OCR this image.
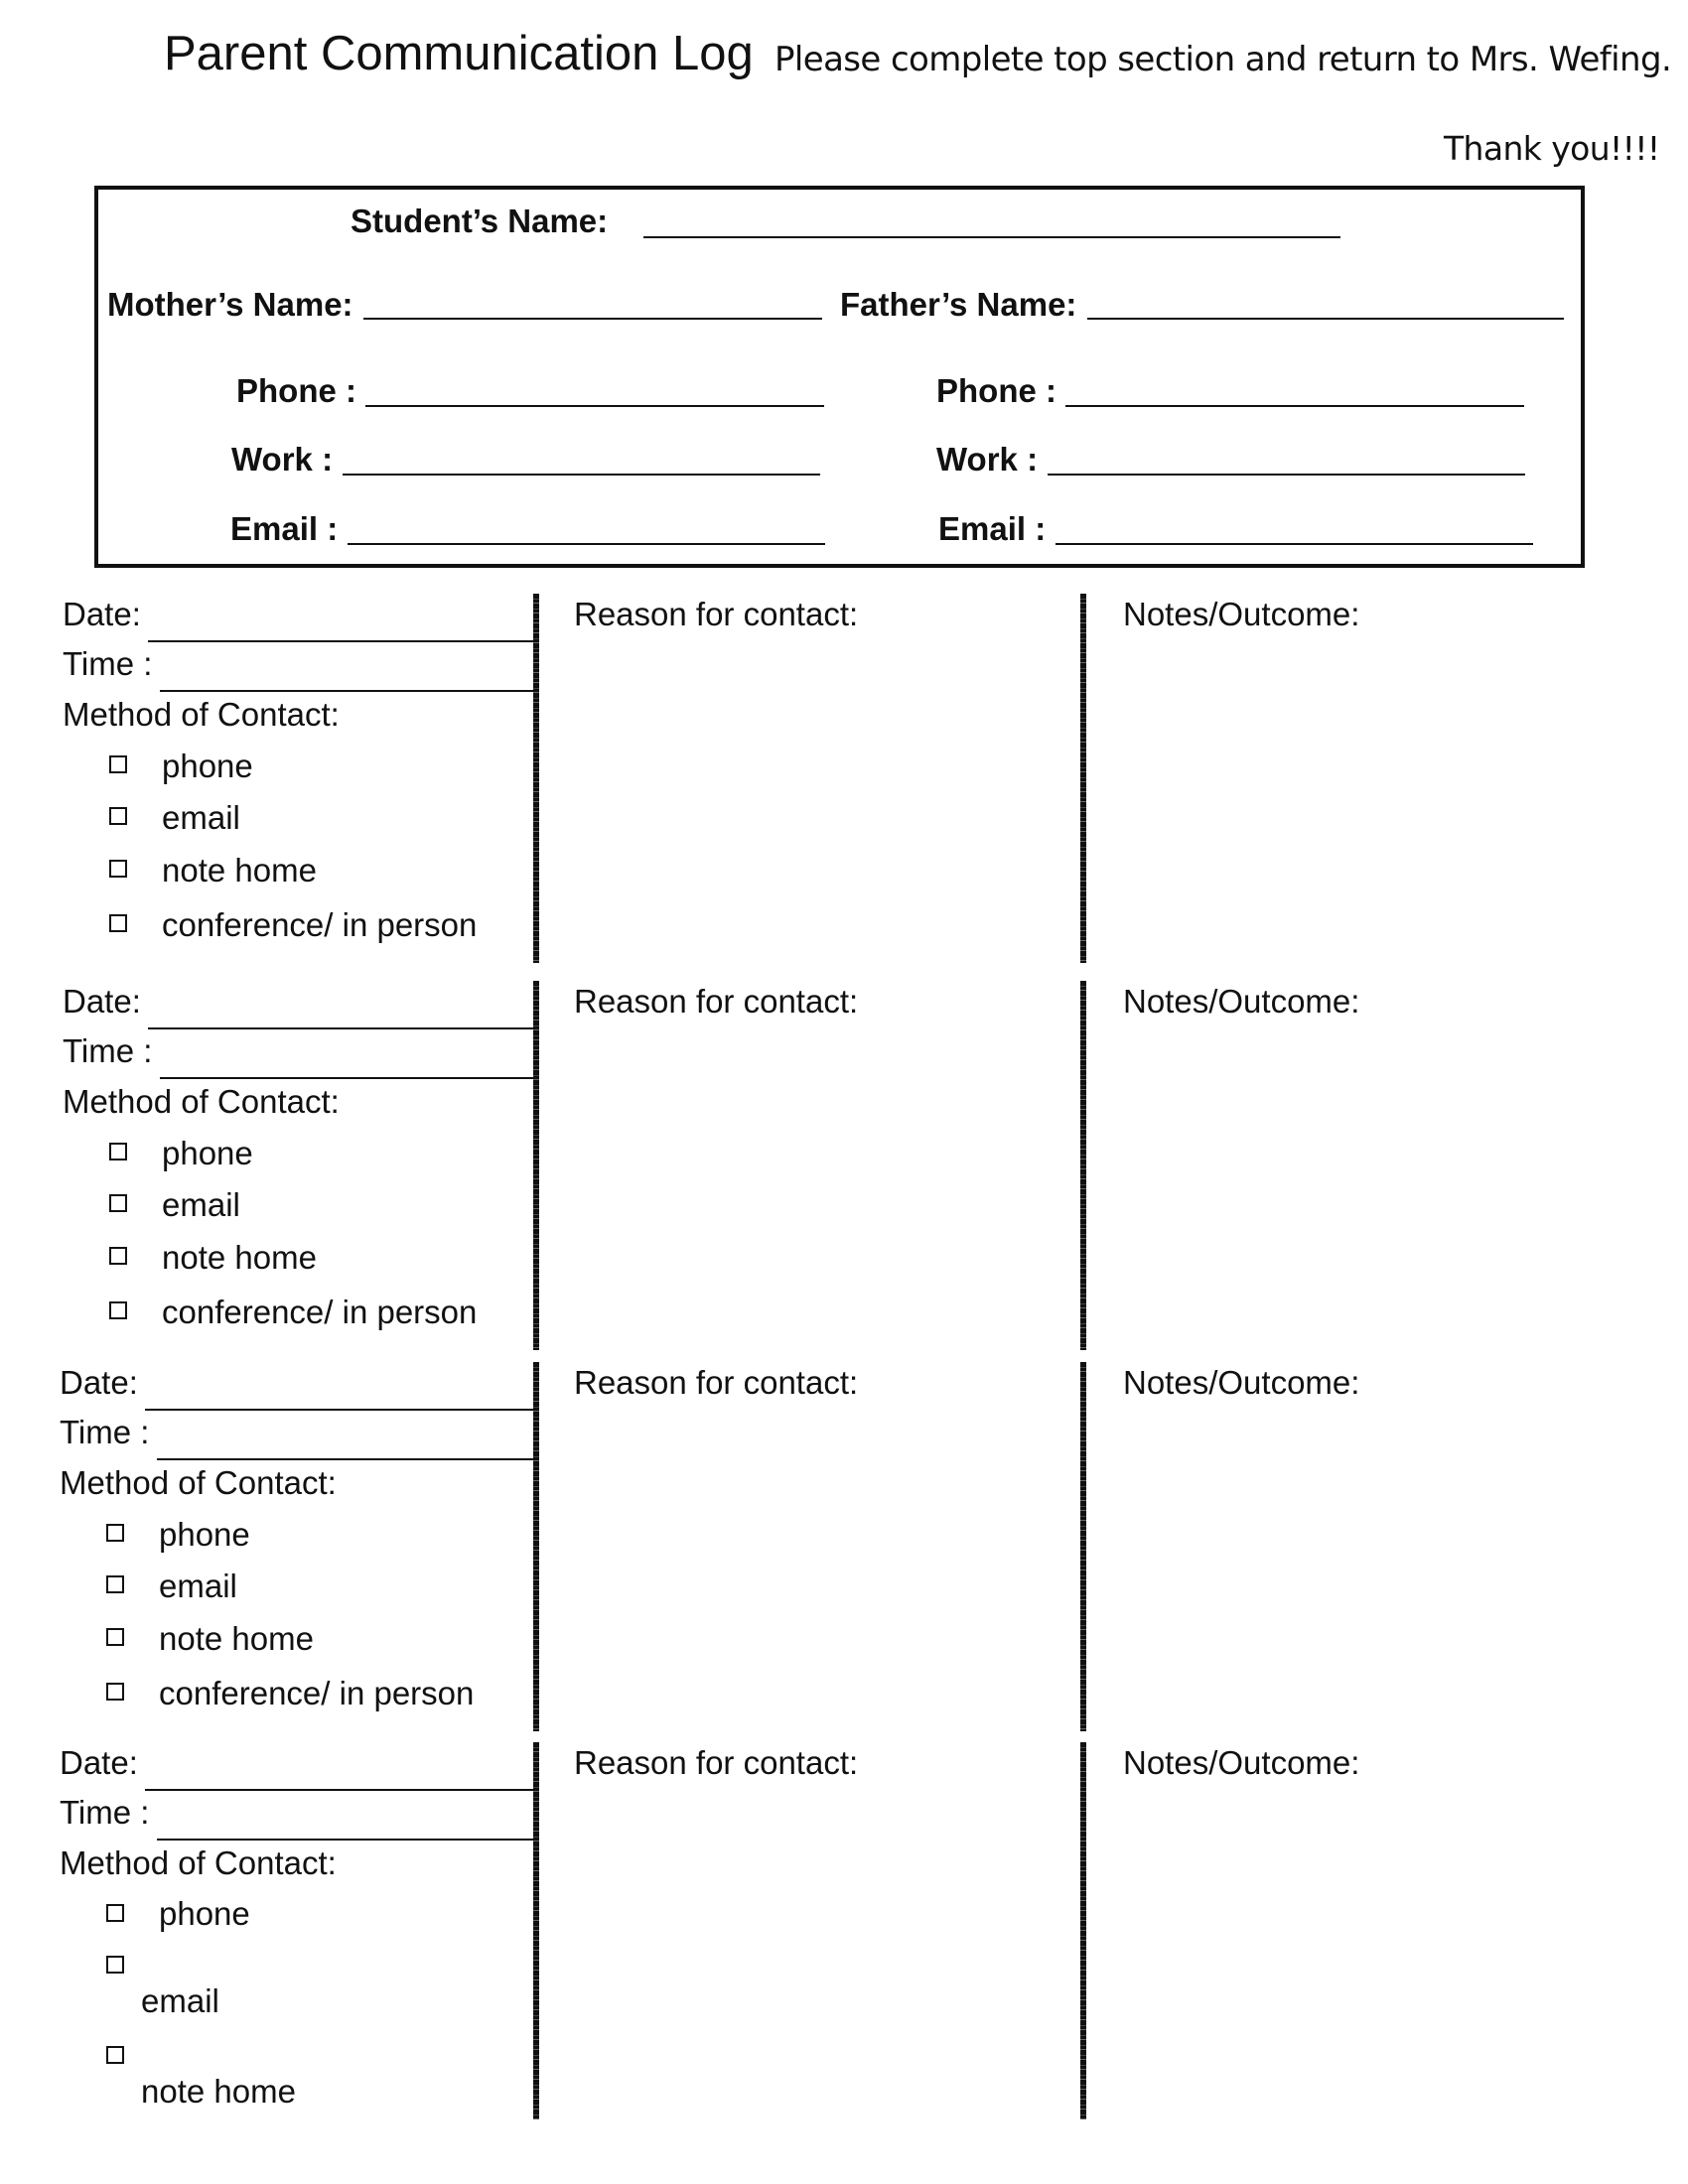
Parent Communication Log Please complete top section and return to Mrs. Wefing.
Thank you!!!!
Student’s Name:
Mother’s Name:	Father’s Name:
Phone :	Phone :
Work :	Work :
Email :	Email :
Date:
Time :
Method of Contact:
phone
email
note home
conference/ in person
Reason for contact:	Notes/Outcome:
Date:
Time :
Method of Contact:
phone
email
note home
conference/ in person
Reason for contact:	Notes/Outcome:
Date:
Time :
Method of Contact:
phone
email
note home
conference/ in person
Reason for contact:	Notes/Outcome:
Date:
Time :
Method of Contact:
phone
email
note home
Reason for contact:	Notes/Outcome:
